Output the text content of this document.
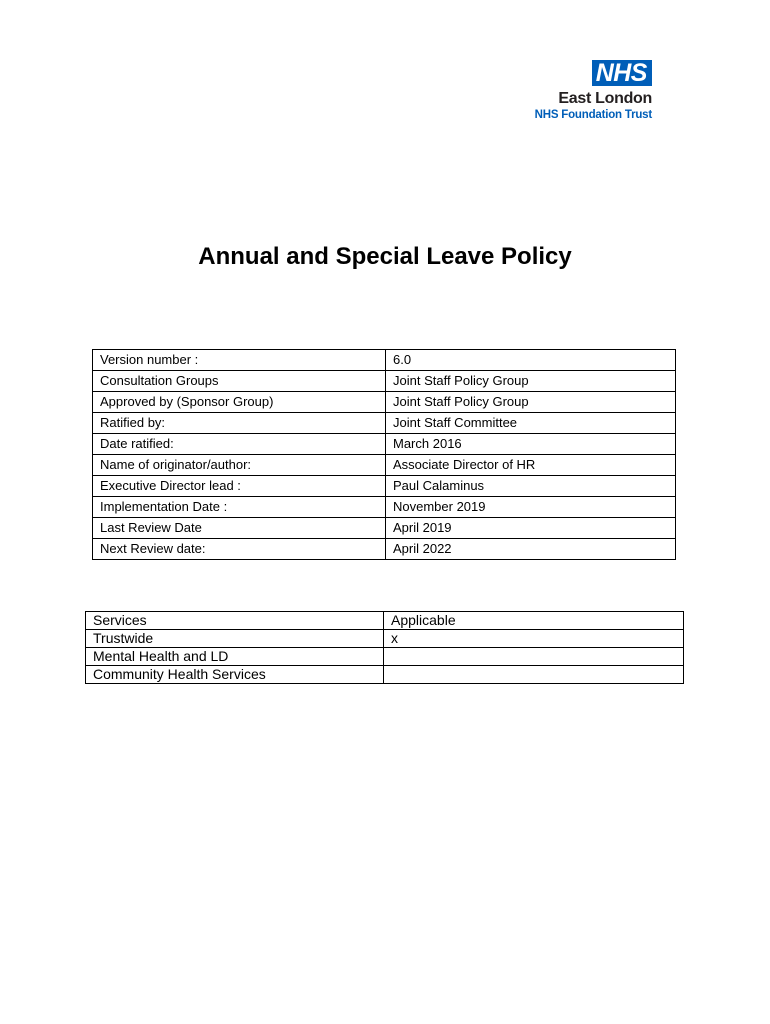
NHS
East London
NHS Foundation Trust
Annual and Special Leave Policy
Version number :	6.0
Consultation Groups	Joint Staff Policy Group
Approved by (Sponsor Group)	Joint Staff Policy Group
Ratified by:	Joint Staff Committee
Date ratified:	March 2016
Name of originator/author:	Associate Director of HR
Executive Director lead :	Paul Calaminus
Implementation Date :	November 2019
Last Review Date	April 2019
Next Review date:	April 2022
Services	Applicable
Trustwide	x
Mental Health and LD	
Community Health Services	
